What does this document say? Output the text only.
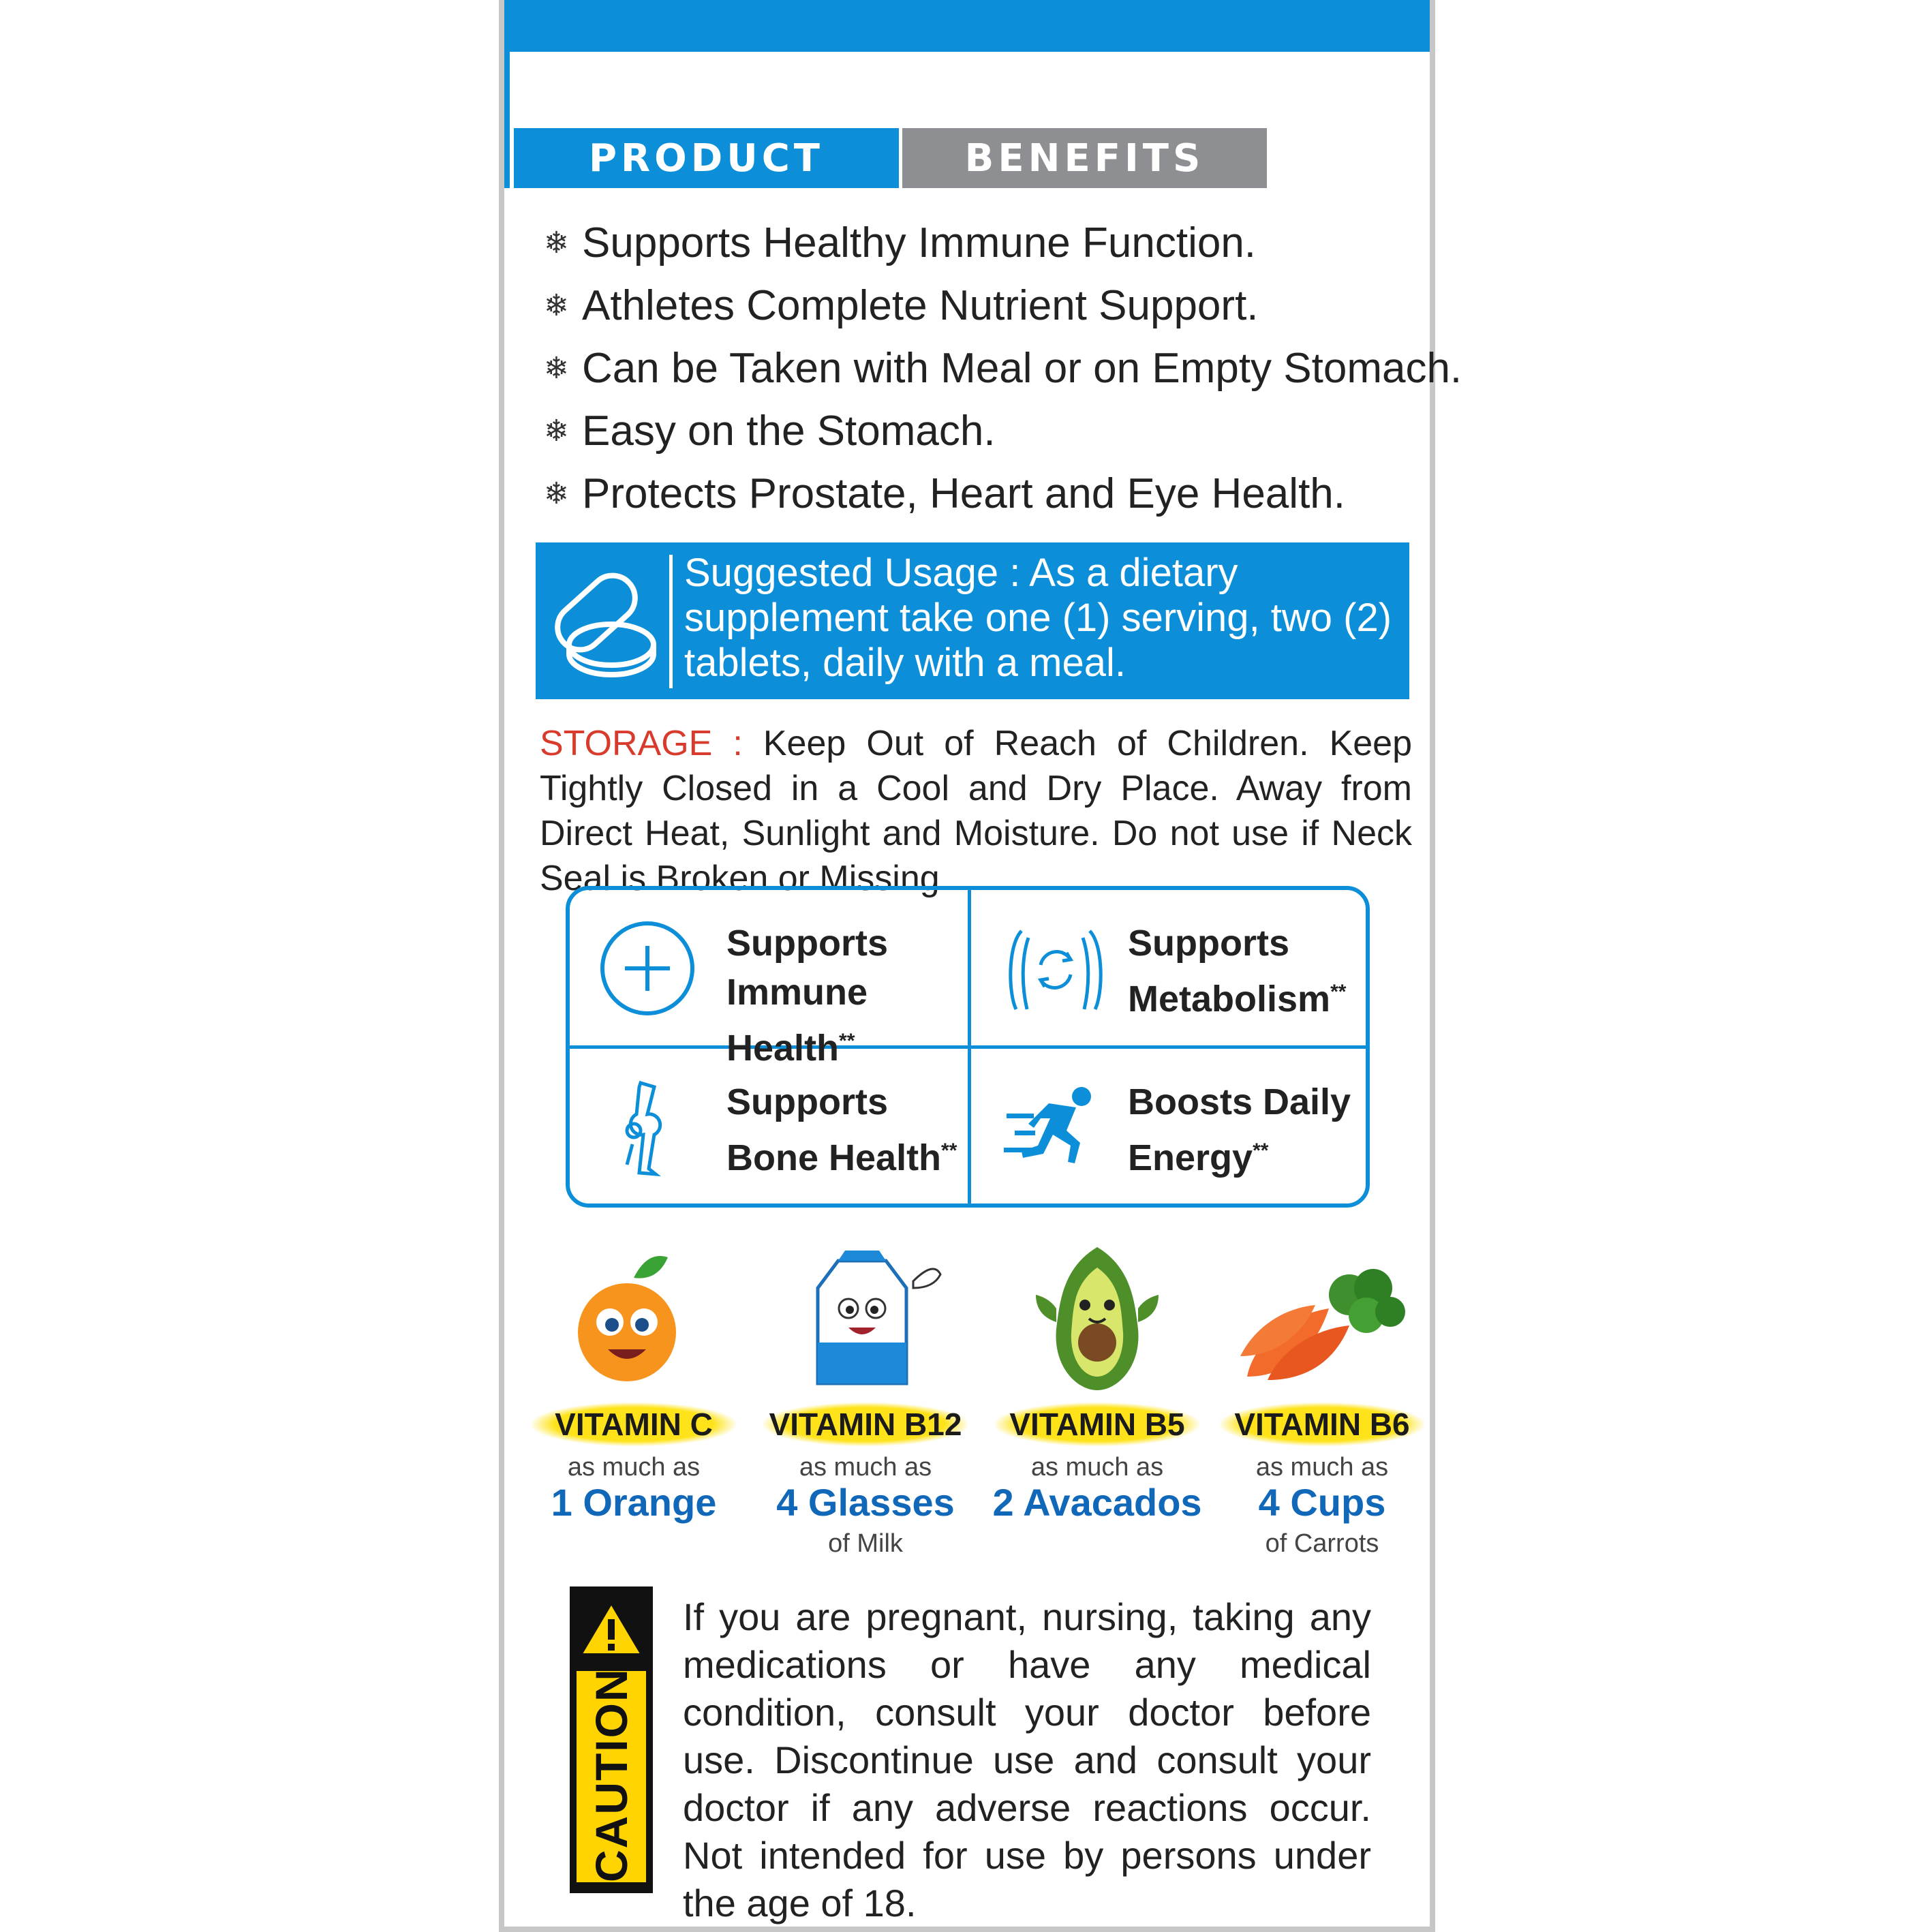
PRODUCT	BENEFITS
❄ Supports Healthy Immune Function.
❄ Athletes Complete Nutrient Support.
❄ Can be Taken with Meal or on Empty Stomach.
❄ Easy on the Stomach.
❄ Protects Prostate, Heart and Eye Health.
Suggested Usage : As a dietary supplement take one (1) serving, two (2) tablets, daily with a meal.
STORAGE : Keep Out of Reach of Children. Keep Tightly Closed in a Cool and Dry Place. Away from Direct Heat, Sunlight and Moisture. Do not use if Neck Seal is Broken or Missing.
Supports
Immune Health**
Supports
Metabolism**
Supports
Bone Health**
Boosts Daily
Energy**
VITAMIN C
as much as
1 Orange
VITAMIN B12
as much as
4 Glasses
of Milk
VITAMIN B5
as much as
2 Avacados
VITAMIN B6
as much as
4 Cups
of Carrots
CAUTION
If you are pregnant, nursing, taking any medications or have any medical condition, consult your doctor before use. Discontinue use and consult your doctor if any adverse reactions occur. Not intended for use by persons under the age of 18.
